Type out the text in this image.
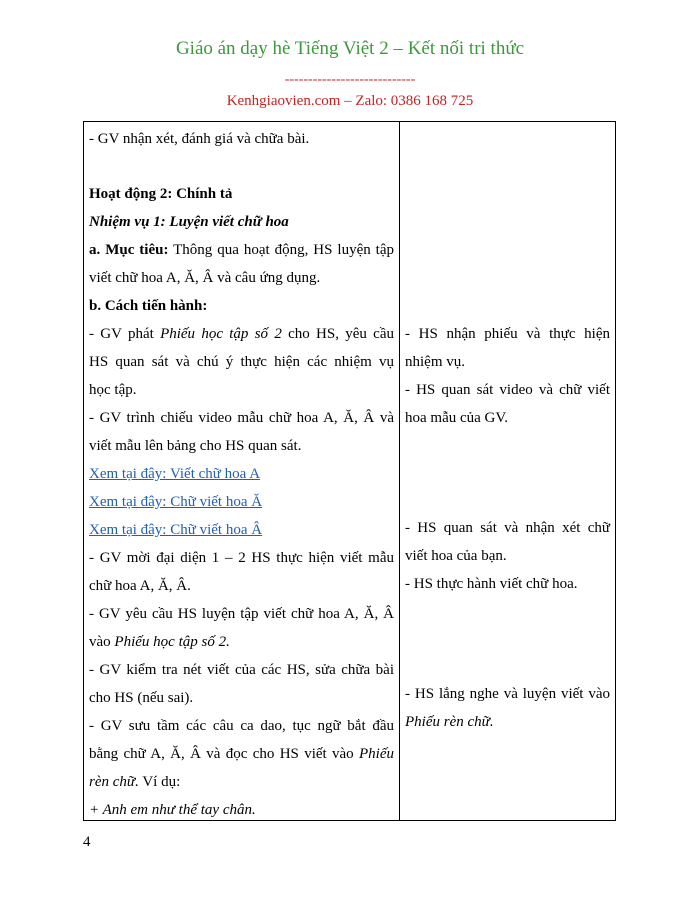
Giáo án dạy hè Tiếng Việt 2 – Kết nối tri thức
----------------------------
Kenhgiaovien.com – Zalo: 0386 168 725
- GV nhận xét, đánh giá và chữa bài.
Hoạt động 2: Chính tả
Nhiệm vụ 1: Luyện viết chữ hoa
a. Mục tiêu: Thông qua hoạt động, HS luyện tập
viết chữ hoa A, Ă, Â và câu ứng dụng.
b. Cách tiến hành:
- GV phát Phiếu học tập số 2 cho HS, yêu cầu
HS quan sát và chú ý thực hiện các nhiệm vụ
học tập.
- GV trình chiếu video mẫu chữ hoa A, Ă, Â và
viết mẫu lên bảng cho HS quan sát.
Xem tại đây: Viết chữ hoa A
Xem tại đây: Chữ viết hoa Ă
Xem tại đây: Chữ viết hoa Â
- GV mời đại diện 1 – 2 HS thực hiện viết mẫu
chữ hoa A, Ă, Â.
- GV yêu cầu HS luyện tập viết chữ hoa A, Ă, Â
vào Phiếu học tập số 2.
- GV kiểm tra nét viết của các HS, sửa chữa bài
cho HS (nếu sai).
- GV sưu tầm các câu ca dao, tục ngữ bắt đầu
bằng chữ A, Ă, Â và đọc cho HS viết vào Phiếu
rèn chữ. Ví dụ:
+ Anh em như thể tay chân.
- HS nhận phiếu và thực hiện
nhiệm vụ.
- HS quan sát video và chữ viết
hoa mẫu của GV.
- HS quan sát và nhận xét chữ
viết hoa của bạn.
- HS thực hành viết chữ hoa.
- HS lắng nghe và luyện viết vào
Phiếu rèn chữ.
4
